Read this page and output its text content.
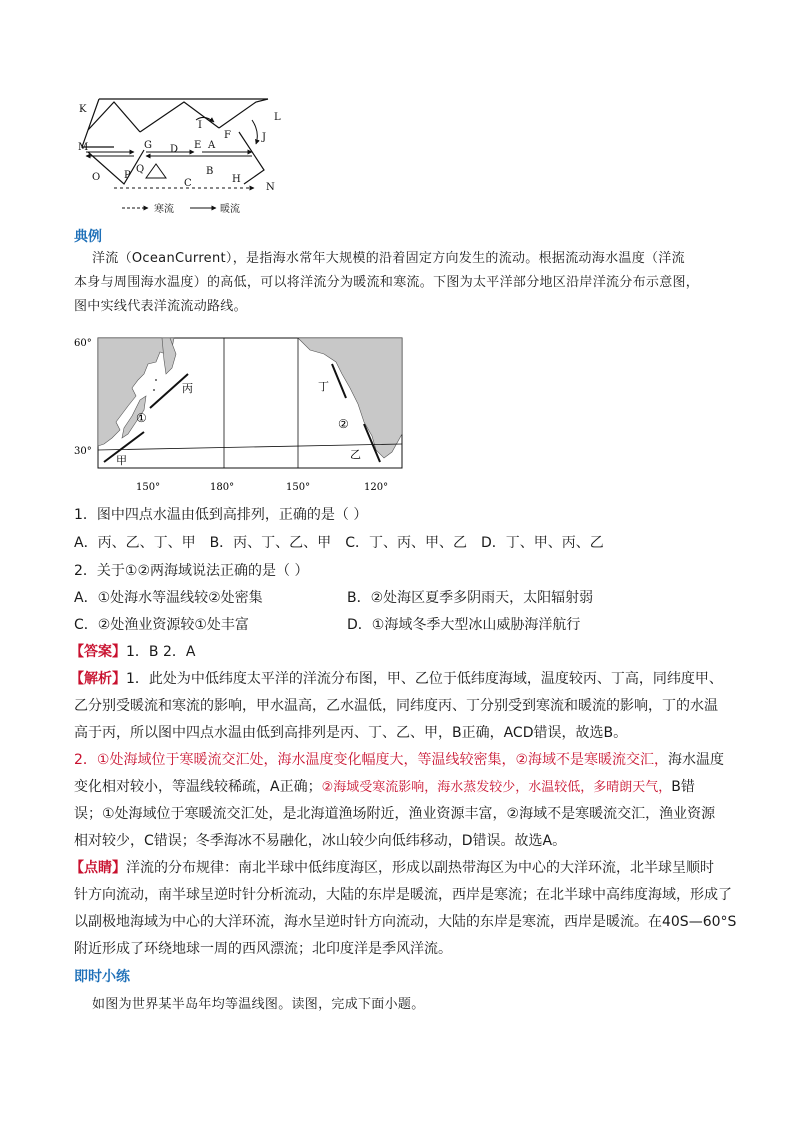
K
L
M
J
I
F
E A
G D
O P
Q	B
H
N
C
寒流	暖流
典例
洋流（OceanCurrent），是指海水常年大规模的沿着固定方向发生的流动。根据流动海水温度（洋流
本身与周围海水温度）的高低，可以将洋流分为暖流和寒流。下图为太平洋部分地区沿岸洋流分布示意图，
图中实线代表洋流流动路线。
60°
30°
150°	180°	150°	120°
丙	丁
甲	乙
①	②
1．图中四点水温由低到高排列，正确的是（ ）
A．丙、乙、丁、甲 B．丙、丁、乙、甲 C．丁、丙、甲、乙 D．丁、甲、丙、乙
2．关于①②两海域说法正确的是（ ）
A．①处海水等温线较②处密集	B．②处海区夏季多阴雨天，太阳辐射弱
C．②处渔业资源较①处丰富	D．①海域冬季大型冰山威胁海洋航行
【答案】1．B 2．A
【解析】1．此处为中低纬度太平洋的洋流分布图，甲、乙位于低纬度海域，温度较丙、丁高，同纬度甲、
乙分别受暖流和寒流的影响，甲水温高，乙水温低，同纬度丙、丁分别受到寒流和暖流的影响，丁的水温
高于丙，所以图中四点水温由低到高排列是丙、丁、乙、甲，B正确，ACD错误，故选B。
2．①处海域位于寒暖流交汇处，海水温度变化幅度大，等温线较密集，②海域不是寒暖流交汇，海水温度
变化相对较小，等温线较稀疏，A正确；②海域受寒流影响，海水蒸发较少，水温较低，多晴朗天气，B错
误；①处海域位于寒暖流交汇处，是北海道渔场附近，渔业资源丰富，②海域不是寒暖流交汇，渔业资源
相对较少，C错误；冬季海冰不易融化，冰山较少向低纬移动，D错误。故选A。
【点睛】洋流的分布规律：南北半球中低纬度海区，形成以副热带海区为中心的大洋环流，北半球呈顺时
针方向流动，南半球呈逆时针分析流动，大陆的东岸是暖流，西岸是寒流；在北半球中高纬度海域，形成了
以副极地海域为中心的大洋环流，海水呈逆时针方向流动，大陆的东岸是寒流，西岸是暖流。在40S—60°S
附近形成了环绕地球一周的西风漂流；北印度洋是季风洋流。
即时小练
如图为世界某半岛年均等温线图。读图，完成下面小题。
